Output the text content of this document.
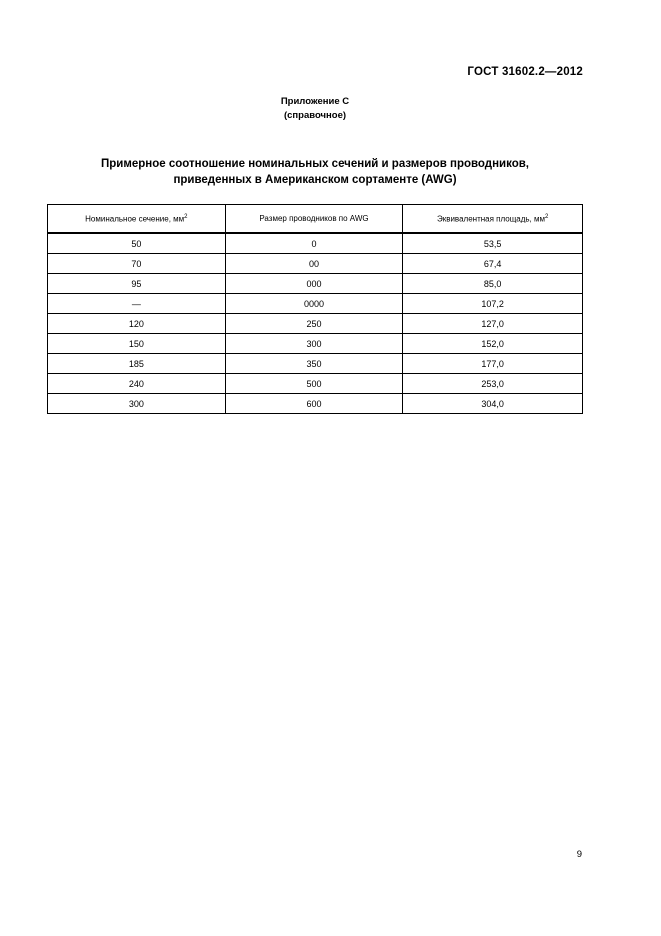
ГОСТ 31602.2—2012
Приложение С
(справочное)
Примерное соотношение номинальных сечений и размеров проводников,
приведенных в Американском сортаменте (AWG)
Номинальное сечение, $мм^2$	Размер проводников по AWG	Эквивалентная площадь, $мм^2$
50	0	53,5
70	00	67,4
95	000	85,0
—	0000	107,2
120	250	127,0
150	300	152,0
185	350	177,0
240	500	253,0
300	600	304,0
9
